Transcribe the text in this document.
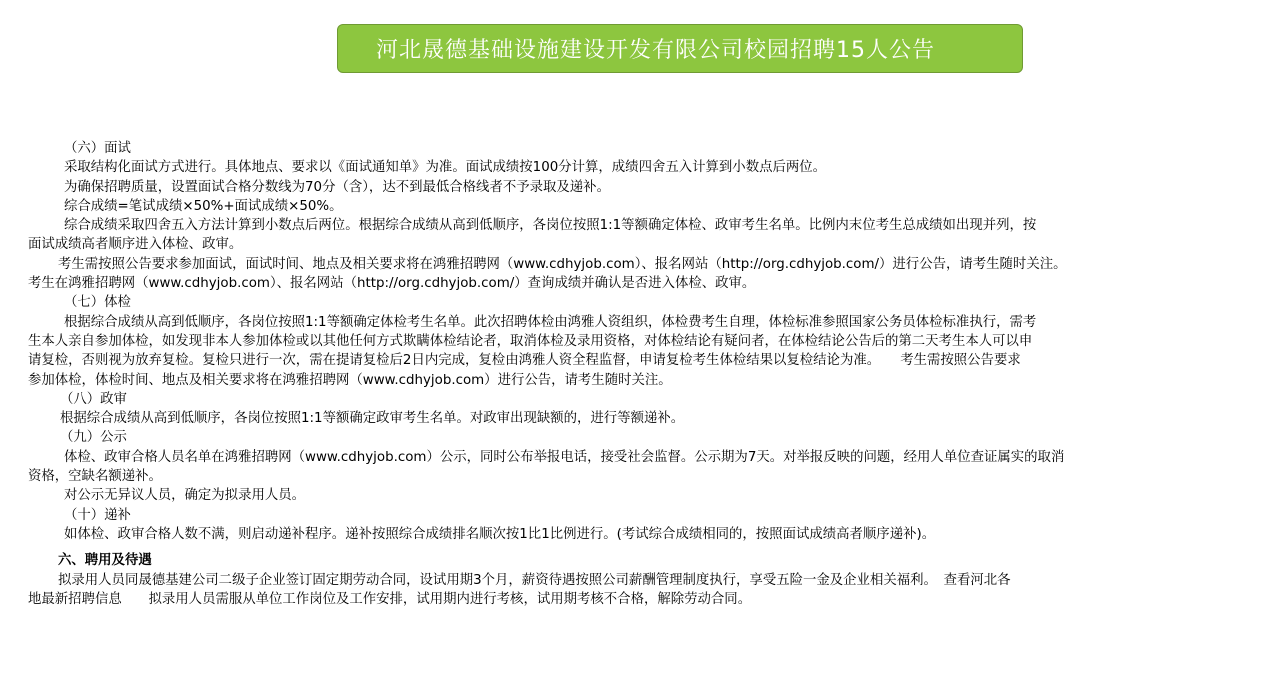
河北晟德基础设施建设开发有限公司校园招聘15人公告
（六）面试
采取结构化面试方式进行。具体地点、要求以《面试通知单》为准。面试成绩按100分计算，成绩四舍五入计算到小数点后两位。
为确保招聘质量，设置面试合格分数线为70分（含），达不到最低合格线者不予录取及递补。
综合成绩=笔试成绩×50%+面试成绩×50%。
综合成绩采取四舍五入方法计算到小数点后两位。根据综合成绩从高到低顺序，各岗位按照1:1等额确定体检、政审考生名单。比例内末位考生总成绩如出现并列，按
面试成绩高者顺序进入体检、政审。
考生需按照公告要求参加面试，面试时间、地点及相关要求将在鸿雅招聘网（www.cdhyjob.com）、报名网站（http://org.cdhyjob.com/）进行公告，请考生随时关注。
考生在鸿雅招聘网（www.cdhyjob.com）、报名网站（http://org.cdhyjob.com/）查询成绩并确认是否进入体检、政审。
（七）体检
根据综合成绩从高到低顺序，各岗位按照1:1等额确定体检考生名单。此次招聘体检由鸿雅人资组织，体检费考生自理，体检标准参照国家公务员体检标准执行，需考
生本人亲自参加体检，如发现非本人参加体检或以其他任何方式欺瞒体检结论者，取消体检及录用资格，对体检结论有疑问者，在体检结论公告后的第二天考生本人可以申
请复检，否则视为放弃复检。复检只进行一次，需在提请复检后2日内完成，复检由鸿雅人资全程监督，申请复检考生体检结果以复检结论为准。　　考生需按照公告要求
参加体检，体检时间、地点及相关要求将在鸿雅招聘网（www.cdhyjob.com）进行公告，请考生随时关注。
（八）政审
根据综合成绩从高到低顺序，各岗位按照1:1等额确定政审考生名单。对政审出现缺额的，进行等额递补。
（九）公示
体检、政审合格人员名单在鸿雅招聘网（www.cdhyjob.com）公示，同时公布举报电话，接受社会监督。公示期为7天。对举报反映的问题，经用人单位查证属实的取消
资格，空缺名额递补。
对公示无异议人员，确定为拟录用人员。
（十）递补
如体检、政审合格人数不满，则启动递补程序。递补按照综合成绩排名顺次按1比1比例进行。(考试综合成绩相同的，按照面试成绩高者顺序递补)。
六、聘用及待遇
拟录用人员同晟德基建公司二级子企业签订固定期劳动合同，设试用期3个月，薪资待遇按照公司薪酬管理制度执行，享受五险一金及企业相关福利。　查看河北各
地最新招聘信息　　拟录用人员需服从单位工作岗位及工作安排，试用期内进行考核，试用期考核不合格，解除劳动合同。
